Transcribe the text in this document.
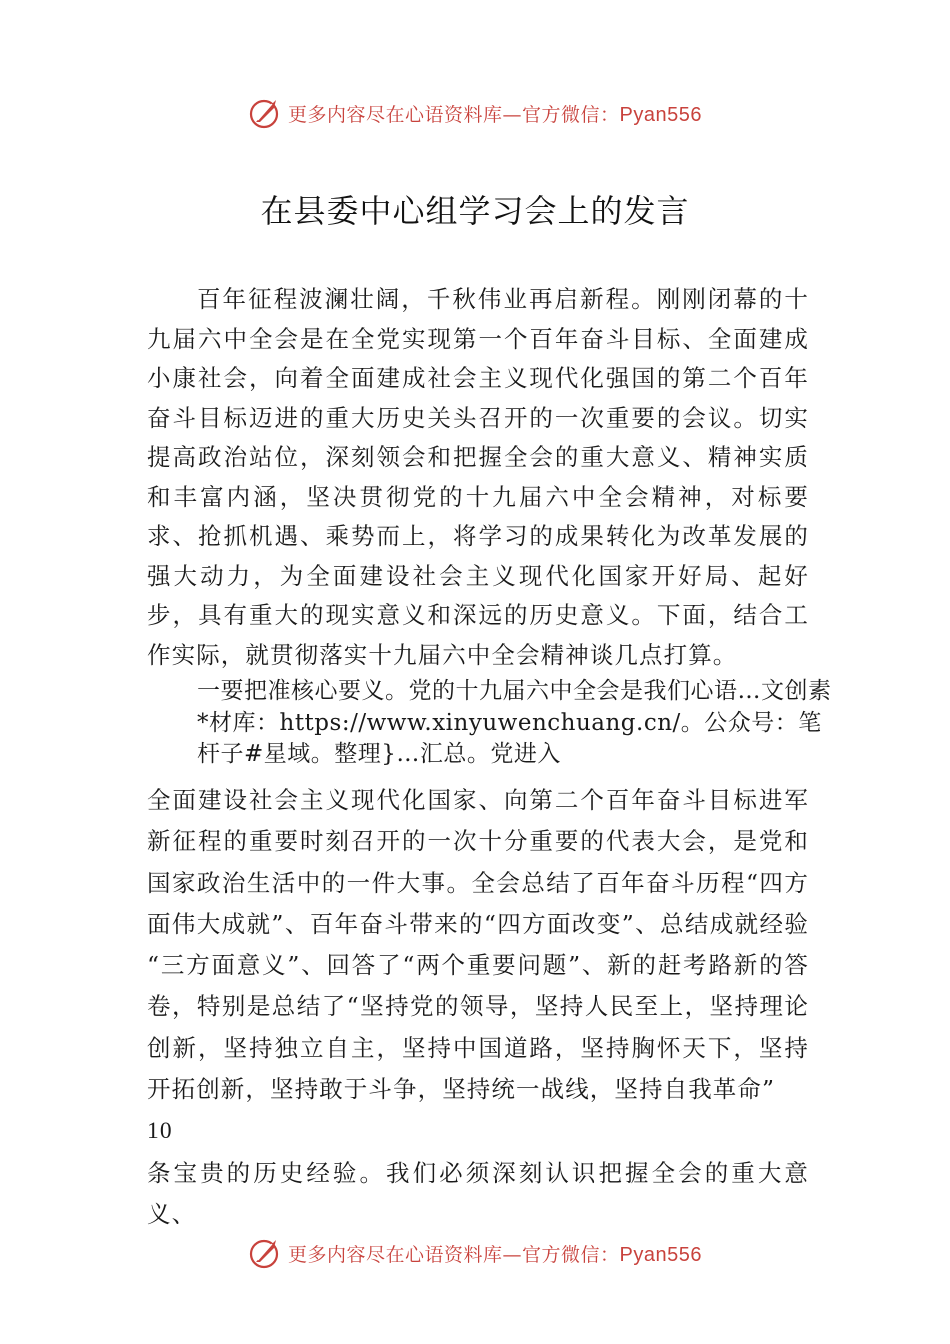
更多内容尽在心语资料库—官方微信：Pyan556
在县委中心组学习会上的发言
百年征程波澜壮阔，千秋伟业再启新程。刚刚闭幕的十九届六中全会是在全党实现第一个百年奋斗目标、全面建成小康社会，向着全面建成社会主义现代化强国的第二个百年奋斗目标迈进的重大历史关头召开的一次重要的会议。切实提高政治站位，深刻领会和把握全会的重大意义、精神实质和丰富内涵，坚决贯彻党的十九届六中全会精神，对标要求、抢抓机遇、乘势而上，将学习的成果转化为改革发展的强大动力，为全面建设社会主义现代化国家开好局、起好步，具有重大的现实意义和深远的历史意义。下面，结合工作实际，就贯彻落实十九届六中全会精神谈几点打算。
一要把准核心要义。党的十九届六中全会是我们心语…文创素*材库：https://www.xinyuwenchuang.cn/。公众号：笔杆子#星域。整理}…汇总。党进入
全面建设社会主义现代化国家、向第二个百年奋斗目标进军新征程的重要时刻召开的一次十分重要的代表大会，是党和国家政治生活中的一件大事。全会总结了百年奋斗历程“四方面伟大成就”、百年奋斗带来的“四方面改变”、总结成就经验 “三方面意义”、回答了“两个重要问题”、新的赶考路新的答卷，特别是总结了“坚持党的领导，坚持人民至上，坚持理论创新，坚持独立自主，坚持中国道路，坚持胸怀天下，坚持开拓创新，坚持敢于斗争，坚持统一战线，坚持自我革命”
10
条宝贵的历史经验。我们必须深刻认识把握全会的重大意义、
更多内容尽在心语资料库—官方微信：Pyan556
